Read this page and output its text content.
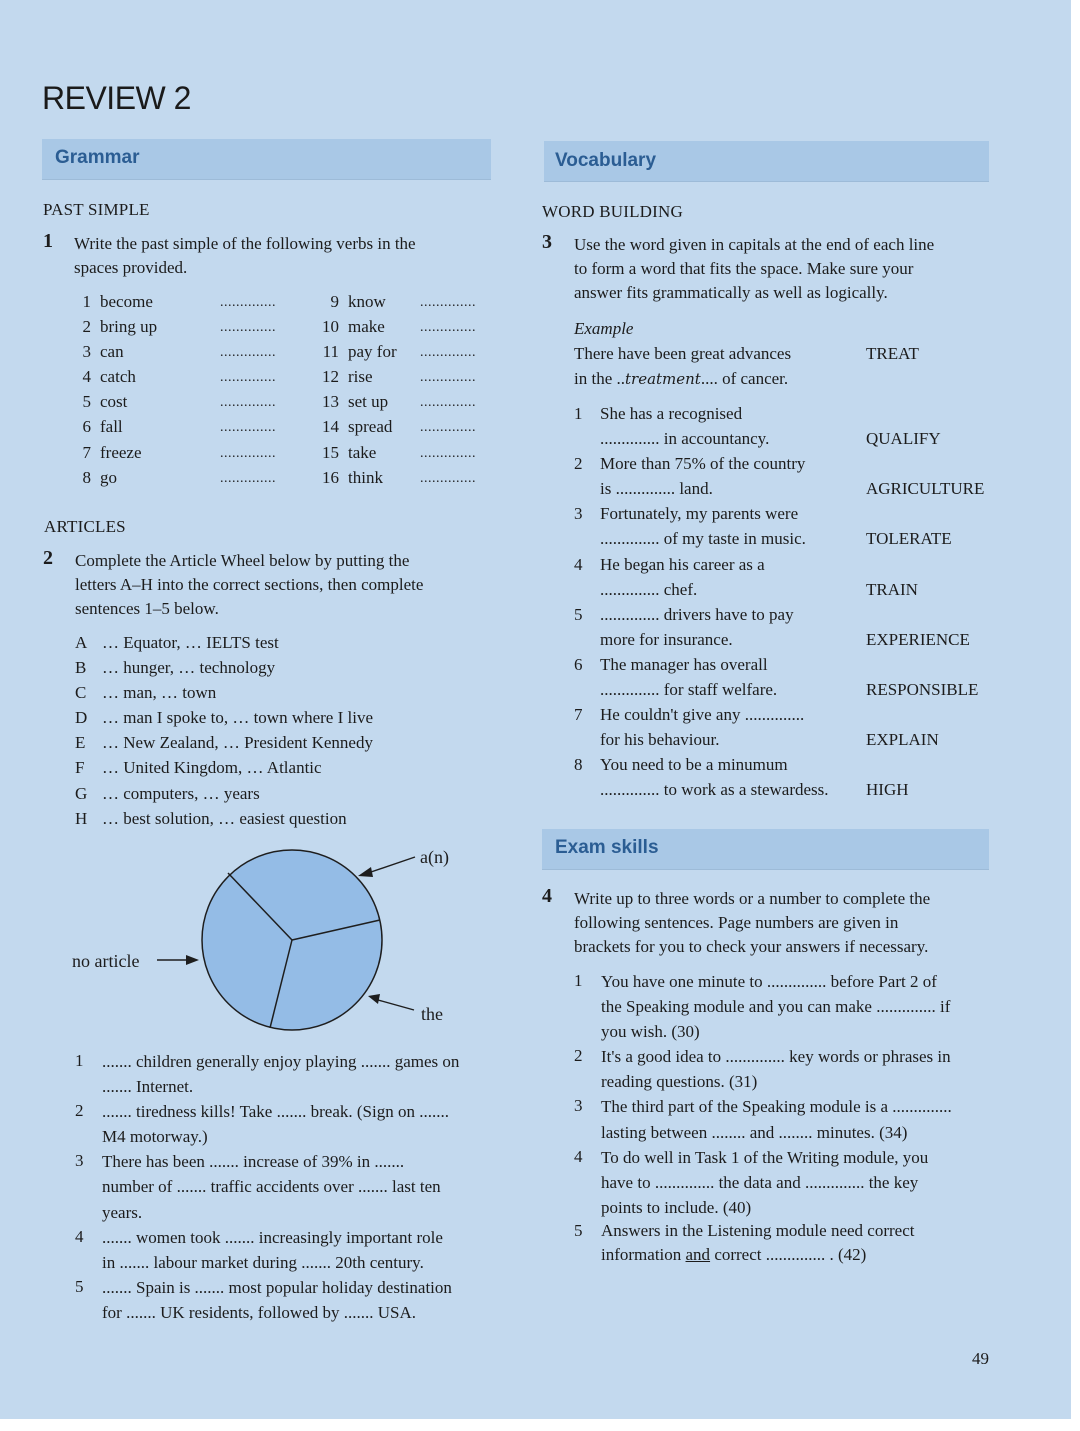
REVIEW 2
Grammar
PAST SIMPLE
1 Write the past simple of the following verbs in the
spaces provided.
1 become	..............
2 bring up	..............
3 can	..............
4 catch	..............
5 cost	..............
6 fall	..............
7 freeze	..............
8 go	..............
9 know ..............
10 make	..............
11 pay for ..............
12 rise	..............
13 set up ..............
14 spread ..............
15 take	..............
16 think	..............
ARTICLES
2 Complete the Article Wheel below by putting the
letters A–H into the correct sections, then complete
sentences 1–5 below.
A … Equator, … IELTS test
B … hunger, … technology
C … man, … town
D … man I spoke to, … town where I live
E … New Zealand, … President Kennedy
F … United Kingdom, … Atlantic
G … computers, … years
H … best solution, … easiest question
a(n)
no article
the
1 ....... children generally enjoy playing ....... games on
....... Internet.
2 ....... tiredness kills! Take ....... break. (Sign on .......
M4 motorway.)
3 There has been ....... increase of 39% in .......
number of ....... traffic accidents over ....... last ten
years.
4 ....... women took ....... increasingly important role
in ....... labour market during ....... 20th century.
5 ....... Spain is ....... most popular holiday destination
for ....... UK residents, followed by ....... USA.
Vocabulary
WORD BUILDING
3 Use the word given in capitals at the end of each line
to form a word that fits the space. Make sure your
answer fits grammatically as well as logically.
Example
There have been great advances
in the ..treatment.... of cancer.
TREAT
1 She has a recognised
.............. in accountancy.	QUALIFY
2 More than 75% of the country
is .............. land.	AGRICULTURE
3 Fortunately, my parents were
.............. of my taste in music.	TOLERATE
4 He began his career as a
.............. chef.	TRAIN
5 .............. drivers have to pay
more for insurance.	EXPERIENCE
6 The manager has overall
.............. for staff welfare.	RESPONSIBLE
7 He couldn't give any ..............
for his behaviour.	EXPLAIN
8 You need to be a minumum
.............. to work as a stewardess. HIGH
Exam skills
4 Write up to three words or a number to complete the
following sentences. Page numbers are given in
brackets for you to check your answers if necessary.
1 You have one minute to .............. before Part 2 of
the Speaking module and you can make .............. if
you wish. (30)
2 It's a good idea to .............. key words or phrases in
reading questions. (31)
3 The third part of the Speaking module is a ..............
lasting between ........ and ........ minutes. (34)
4 To do well in Task 1 of the Writing module, you
have to .............. the data and .............. the key
points to include. (40)
5 Answers in the Listening module need correct
information and correct .............. . (42)
49
